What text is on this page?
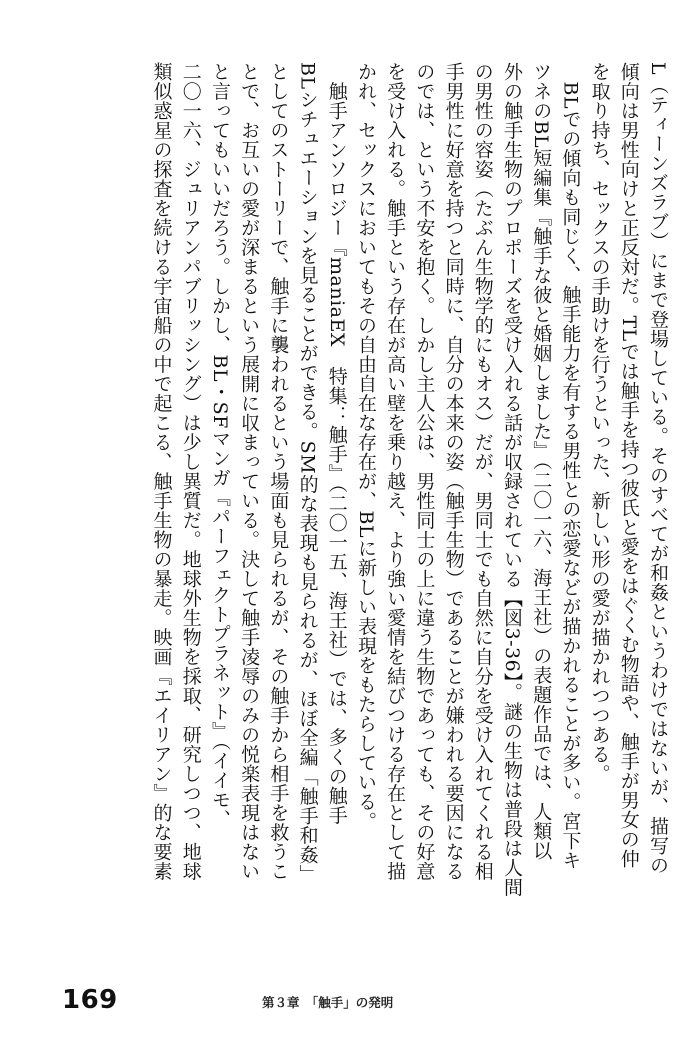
L（ティーンズラブ）にまで登場している。そのすべてが和姦というわけではないが、描写の

傾向は男性向けと正反対だ。TLでは触手を持つ彼氏と愛をはぐくむ物語や、触手が男女の仲

を取り持ち、セックスの手助けを行うといった、新しい形の愛が描かれつつある。

　BLでの傾向も同じく、触手能力を有する男性との恋愛などが描かれることが多い。宮下キ

ツネのBL短編集『触手な彼と婚姻しました』（二〇一六、海王社）の表題作品では、人類以

外の触手生物のプロポーズを受け入れる話が収録されている【図3-36】。謎の生物は普段は人間

の男性の容姿（たぶん生物学的にもオス）だが、男同士でも自然に自分を受け入れてくれる相

手男性に好意を持つと同時に、自分の本来の姿（触手生物）であることが嫌われる要因になる

のでは、という不安を抱く。しかし主人公は、男性同士の上に違う生物であっても、その好意

を受け入れる。触手という存在が高い壁を乗り越え、より強い愛情を結びつける存在として描

かれ、セックスにおいてもその自由自在な存在が、BLに新しい表現をもたらしている。

　触手アンソロジー『maniaEX　特集：触手』（二〇一五、海王社）では、多くの触手

BLシチュエーションを見ることができる。SM的な表現も見られるが、ほぼ全編「触手和姦」

としてのストーリーで、触手に襲われるという場面も見られるが、その触手から相手を救うこ

とで、お互いの愛が深まるという展開に収まっている。決して触手凌辱のみの悦楽表現はない

と言ってもいいだろう。しかし、BL・SFマンガ『パーフェクトプラネット』（イイモ、

二〇一六、ジュリアンパブリッシング）は少し異質だ。地球外生物を採取、研究しつつ、地球

類似惑星の探査を続ける宇宙船の中で起こる、触手生物の暴走。映画『エイリアン』的な要素

169	第３章　「触手」の発明
